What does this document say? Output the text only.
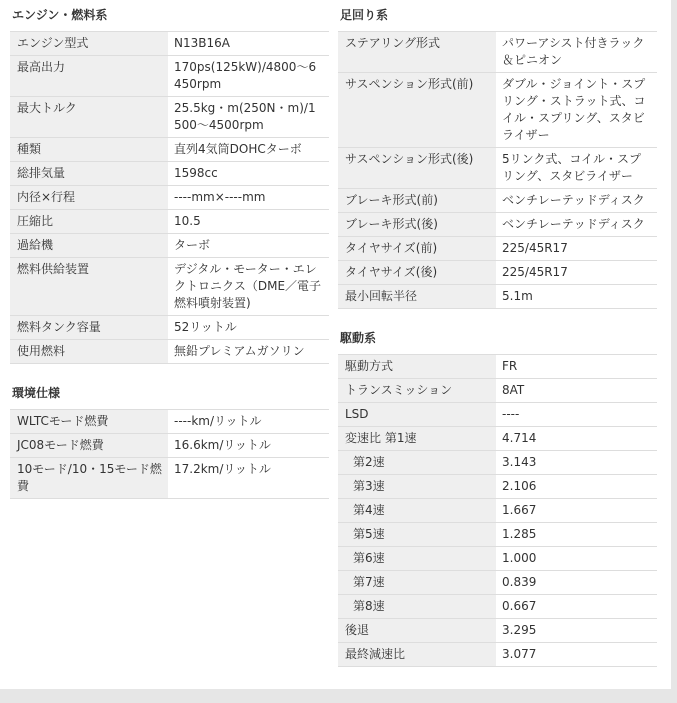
エンジン・燃料系
エンジン型式	N13B16A
最高出力	170ps(125kW)/4800〜6450rpm
最大トルク	25.5kg・m(250N・m)/1500〜4500rpm
種類	直列4気筒DOHCターボ
総排気量	1598cc
内径×行程	----mm×----mm
圧縮比	10.5
過給機	ターボ
燃料供給装置	デジタル・モーター・エレクトロニクス（DME／電子燃料噴射装置)
燃料タンク容量	52リットル
使用燃料	無鉛プレミアムガソリン
環境仕様
WLTCモード燃費	----km/リットル
JC08モード燃費	16.6km/リットル
10モード/10・15モード燃費	17.2km/リットル
足回り系
ステアリング形式	パワーアシスト付きラック＆ピニオン
サスペンション形式(前)	ダブル・ジョイント・スプリング・ストラット式、コイル・スプリング、スタビライザー
サスペンション形式(後)	5リンク式、コイル・スプリング、スタビライザー
ブレーキ形式(前)	ベンチレーテッドディスク
ブレーキ形式(後)	ベンチレーテッドディスク
タイヤサイズ(前)	225/45R17
タイヤサイズ(後)	225/45R17
最小回転半径	5.1m
駆動系
駆動方式	FR
トランスミッション	8AT
LSD	----
変速比 第1速	4.714
第2速	3.143
第3速	2.106
第4速	1.667
第5速	1.285
第6速	1.000
第7速	0.839
第8速	0.667
後退	3.295
最終減速比	3.077
